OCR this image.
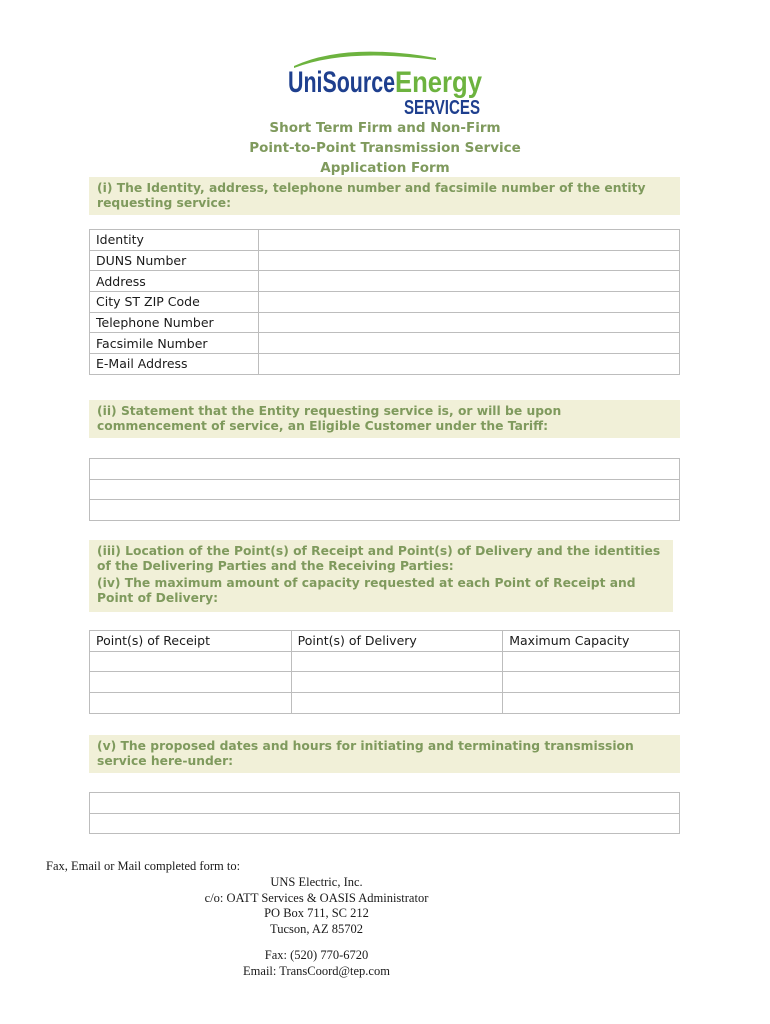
UniSource Energy
SERVICES
Short Term Firm and Non-Firm
Point-to-Point Transmission Service
Application Form
(i) The Identity, address, telephone number and facsimile number of the entity requesting service:
Identity	
DUNS Number	
Address	
City ST ZIP Code	
Telephone Number	
Facsimile Number	
E-Mail Address	
(ii) Statement that the Entity requesting service is, or will be upon commencement of service, an Eligible Customer under the Tariff:

(iii) Location of the Point(s) of Receipt and Point(s) of Delivery and the identities of the Delivering Parties and the Receiving Parties:
(iv) The maximum amount of capacity requested at each Point of Receipt and Point of Delivery:
Point(s) of Receipt	Point(s) of Delivery	Maximum Capacity

(v) The proposed dates and hours for initiating and terminating transmission service here-under:

Fax, Email or Mail completed form to:
UNS Electric, Inc.
c/o: OATT Services & OASIS Administrator
PO Box 711, SC 212
Tucson, AZ 85702
Fax: (520) 770-6720
Email: TransCoord@tep.com
